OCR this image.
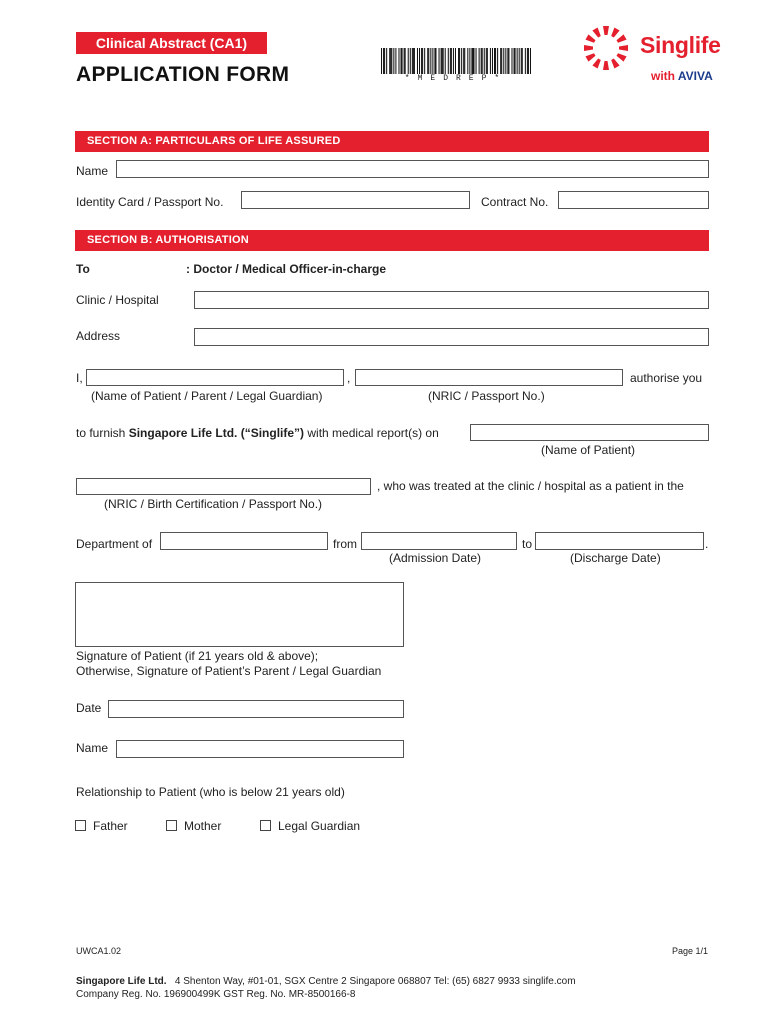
Clinical Abstract (CA1)
APPLICATION FORM	*MEDREP*
Singlife
with AVIVA
SECTION A: PARTICULARS OF LIFE ASSURED
Name
Identity Card / Passport No.	Contract No.
SECTION B: AUTHORISATION
To	: Doctor / Medical Officer-in-charge
Clinic / Hospital
Address
I,	,	authorise you
(Name of Patient / Parent / Legal Guardian)	(NRIC / Passport No.)
to furnish Singapore Life Ltd. (“Singlife”) with medical report(s) on
(Name of Patient)
, who was treated at the clinic / hospital as a patient in the
(NRIC / Birth Certification / Passport No.)
Department of	from	to	.
(Admission Date)	(Discharge Date)
Signature of Patient (if 21 years old & above);
Otherwise, Signature of Patient’s Parent / Legal Guardian
Date
Name
Relationship to Patient (who is below 21 years old)
Father	Mother	Legal Guardian
UWCA1.02	Page 1/1
Singapore Life Ltd. 4 Shenton Way, #01-01, SGX Centre 2 Singapore 068807 Tel: (65) 6827 9933 singlife.com
Company Reg. No. 196900499K GST Reg. No. MR-8500166-8
